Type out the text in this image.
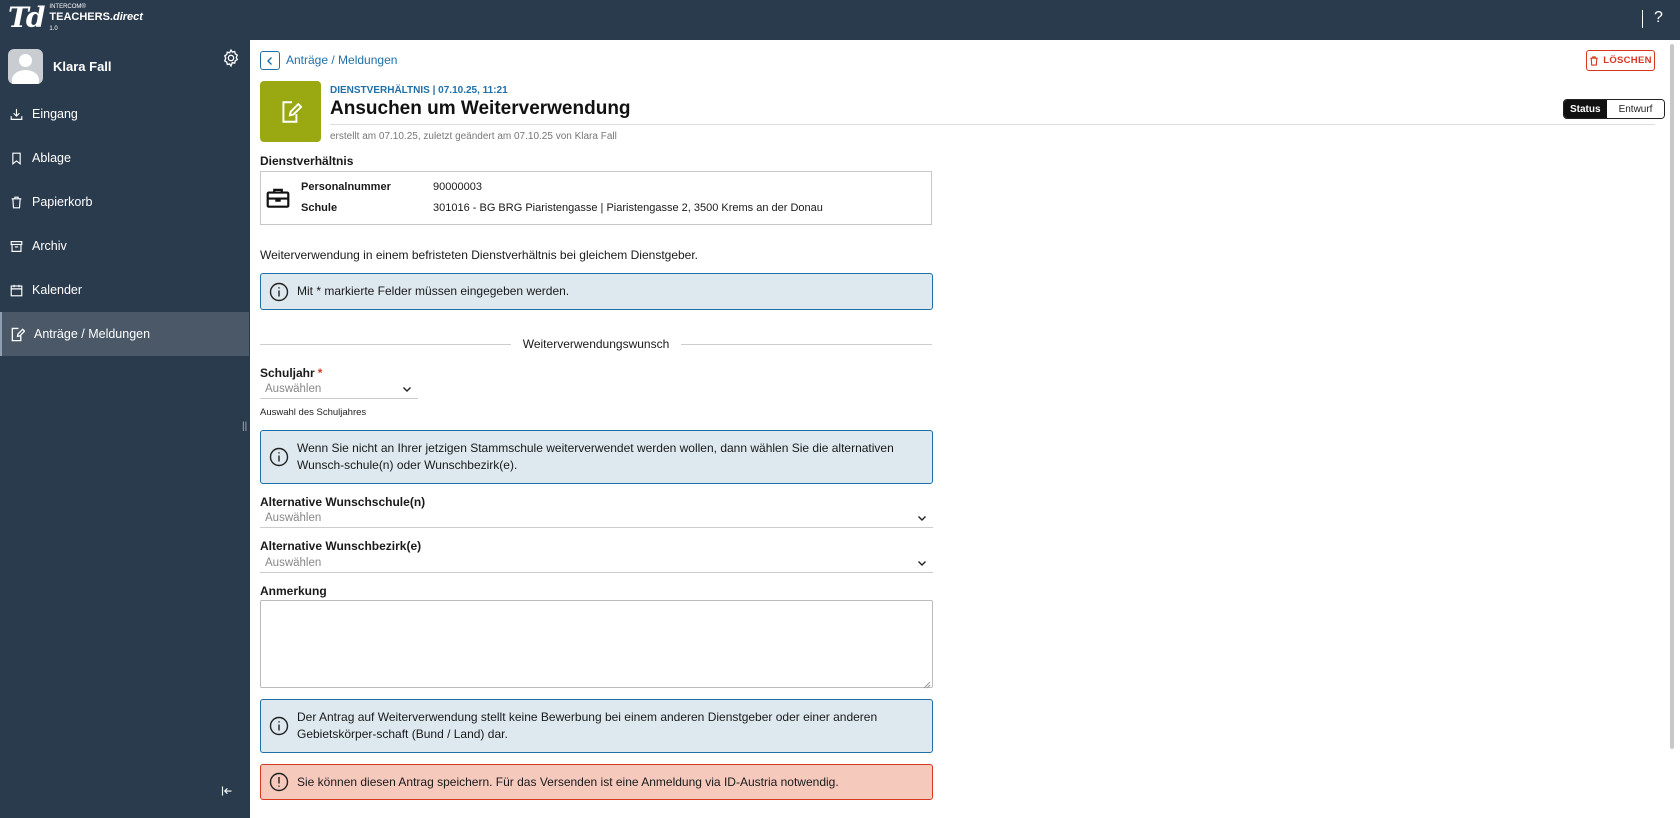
Td INTERCOM®
TEACHERS.direct
1.0
?
Klara Fall
Eingang
Ablage
Papierkorb
Archiv
Kalender
Anträge / Meldungen
||
Anträge / Meldungen	LÖSCHEN
DIENSTVERHÄLTNIS | 07.10.25, 11:21
Ansuchen um Weiterverwendung
erstellt am 07.10.25, zuletzt geändert am 07.10.25 von Klara Fall
Status	Entwurf
Dienstverhältnis
Personalnummer	90000003
Schule	301016 - BG BRG Piaristengasse | Piaristengasse 2, 3500 Krems an der Donau
Weiterverwendung in einem befristeten Dienstverhältnis bei gleichem Dienstgeber.
Mit * markierte Felder müssen eingegeben werden.
Weiterverwendungswunsch
Schuljahr *
Auswählen
Auswahl des Schuljahres
Wenn Sie nicht an Ihrer jetzigen Stammschule weiterverwendet werden wollen, dann wählen Sie die alternativen Wunsch-schule(n) oder Wunschbezirk(e).
Alternative Wunschschule(n)
Auswählen
Alternative Wunschbezirk(e)
Auswählen
Anmerkung
Der Antrag auf Weiterverwendung stellt keine Bewerbung bei einem anderen Dienstgeber oder einer anderen Gebietskörper-schaft (Bund / Land) dar.
Sie können diesen Antrag speichern. Für das Versenden ist eine Anmeldung via ID-Austria notwendig.
